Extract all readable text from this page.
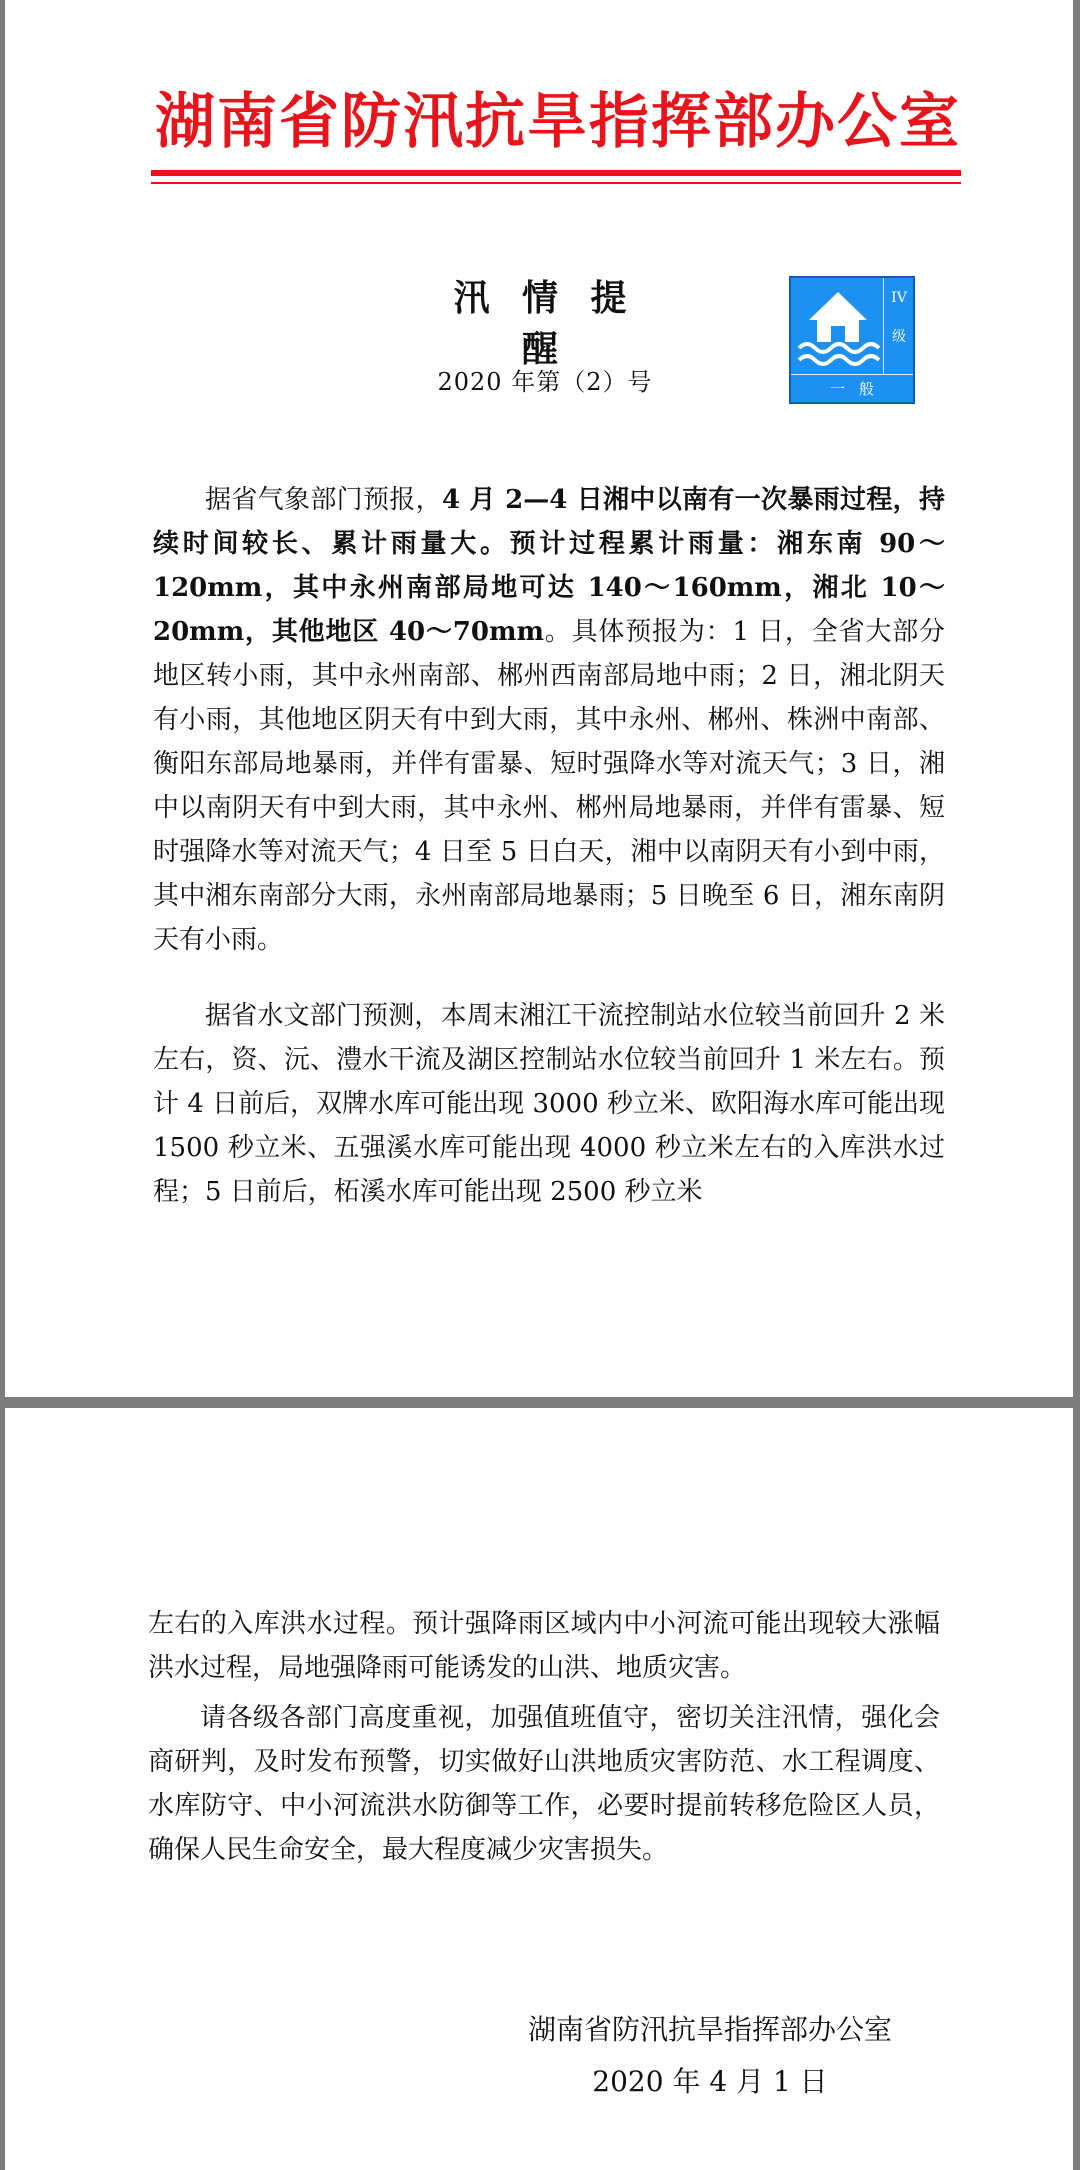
湖南省防汛抗旱指挥部办公室
汛 情 提 醒
2020 年第（2）号
IV
级
一般
据省气象部门预报，4 月 2—4 日湘中以南有一次暴雨过程，持续时间较长、累计雨量大。预计过程累计雨量：湘东南 90～120mm，其中永州南部局地可达 140～160mm，湘北 10～20mm，其他地区 40～70mm。具体预报为：1 日，全省大部分地区转小雨，其中永州南部、郴州西南部局地中雨；2 日，湘北阴天有小雨，其他地区阴天有中到大雨，其中永州、郴州、株洲中南部、衡阳东部局地暴雨，并伴有雷暴、短时强降水等对流天气；3 日，湘中以南阴天有中到大雨，其中永州、郴州局地暴雨，并伴有雷暴、短时强降水等对流天气；4 日至 5 日白天，湘中以南阴天有小到中雨，其中湘东南部分大雨，永州南部局地暴雨；5 日晚至 6 日，湘东南阴天有小雨。
据省水文部门预测，本周末湘江干流控制站水位较当前回升 2 米左右，资、沅、澧水干流及湖区控制站水位较当前回升 1 米左右。预计 4 日前后，双牌水库可能出现 3000 秒立米、欧阳海水库可能出现 1500 秒立米、五强溪水库可能出现 4000 秒立米左右的入库洪水过程；5 日前后，柘溪水库可能出现 2500 秒立米
左右的入库洪水过程。预计强降雨区域内中小河流可能出现较大涨幅洪水过程，局地强降雨可能诱发的山洪、地质灾害。
请各级各部门高度重视，加强值班值守，密切关注汛情，强化会商研判，及时发布预警，切实做好山洪地质灾害防范、水工程调度、水库防守、中小河流洪水防御等工作，必要时提前转移危险区人员，确保人民生命安全，最大程度减少灾害损失。
湖南省防汛抗旱指挥部办公室
2020 年 4 月 1 日
